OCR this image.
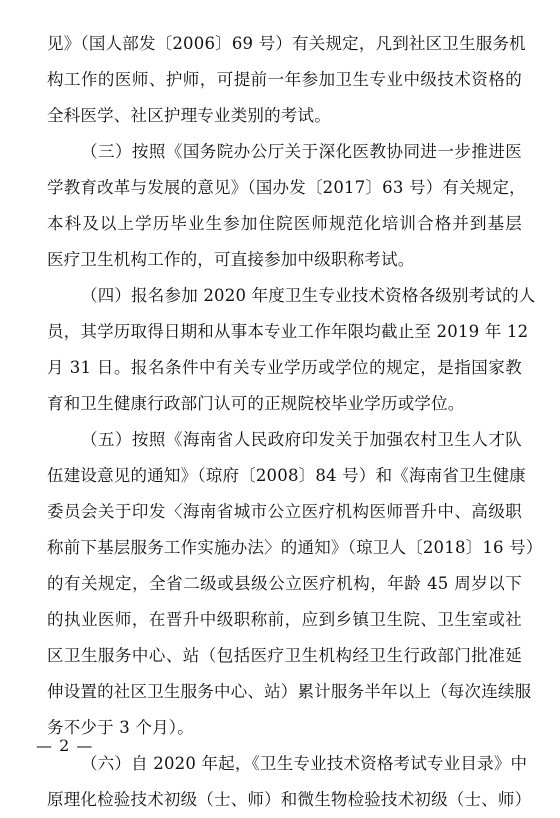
见》（国人部发〔2006〕69 号）有关规定，凡到社区卫生服务机

构工作的医师、护师，可提前一年参加卫生专业中级技术资格的

全科医学、社区护理专业类别的考试。

（三）按照《国务院办公厅关于深化医教协同进一步推进医

学教育改革与发展的意见》（国办发〔2017〕63 号）有关规定，

本科及以上学历毕业生参加住院医师规范化培训合格并到基层

医疗卫生机构工作的，可直接参加中级职称考试。

（四）报名参加 2020 年度卫生专业技术资格各级别考试的人

员，其学历取得日期和从事本专业工作年限均截止至 2019 年 12

月 31 日。报名条件中有关专业学历或学位的规定，是指国家教

育和卫生健康行政部门认可的正规院校毕业学历或学位。

（五）按照《海南省人民政府印发关于加强农村卫生人才队

伍建设意见的通知》（琼府〔2008〕84 号）和《海南省卫生健康

委员会关于印发〈海南省城市公立医疗机构医师晋升中、高级职

称前下基层服务工作实施办法〉的通知》（琼卫人〔2018〕16 号）

的有关规定，全省二级或县级公立医疗机构，年龄 45 周岁以下

的执业医师，在晋升中级职称前，应到乡镇卫生院、卫生室或社

区卫生服务中心、站（包括医疗卫生机构经卫生行政部门批准延

伸设置的社区卫生服务中心、站）累计服务半年以上（每次连续服

务不少于 3 个月）。

（六）自 2020 年起，《卫生专业技术资格考试专业目录》中

原理化检验技术初级（士、师）和微生物检验技术初级（士、师）

— 2 —
